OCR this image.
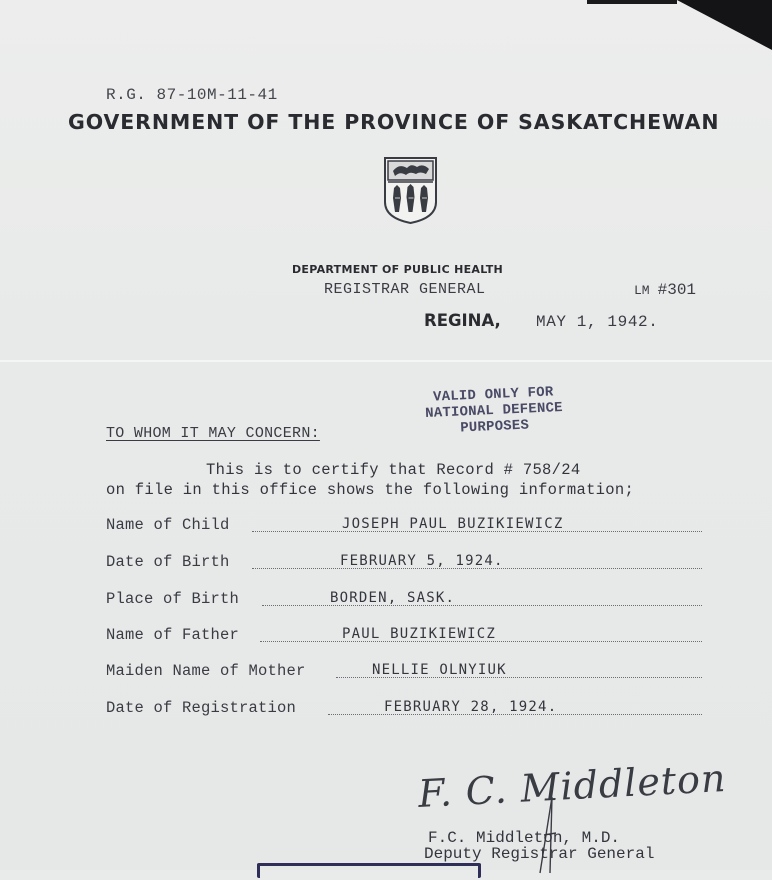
R.G. 87-10M-11-41
GOVERNMENT OF THE PROVINCE OF SASKATCHEWAN
DEPARTMENT OF PUBLIC HEALTH
REGISTRAR GENERAL	LM #301
REGINA, MAY 1, 1942.
VALID ONLY FOR
NATIONAL DEFENCE
PURPOSES
TO WHOM IT MAY CONCERN:
This is to certify that Record # 758/24
on file in this office shows the following information;
Name of Child	JOSEPH PAUL BUZIKIEWICZ
Date of Birth	FEBRUARY 5, 1924.
Place of Birth	BORDEN, SASK.
Name of Father	PAUL BUZIKIEWICZ
Maiden Name of Mother	NELLIE OLNYIUK
Date of Registration	FEBRUARY 28, 1924.
F. C. Middleton
F.C. Middleton, M.D.
Deputy Registrar General
